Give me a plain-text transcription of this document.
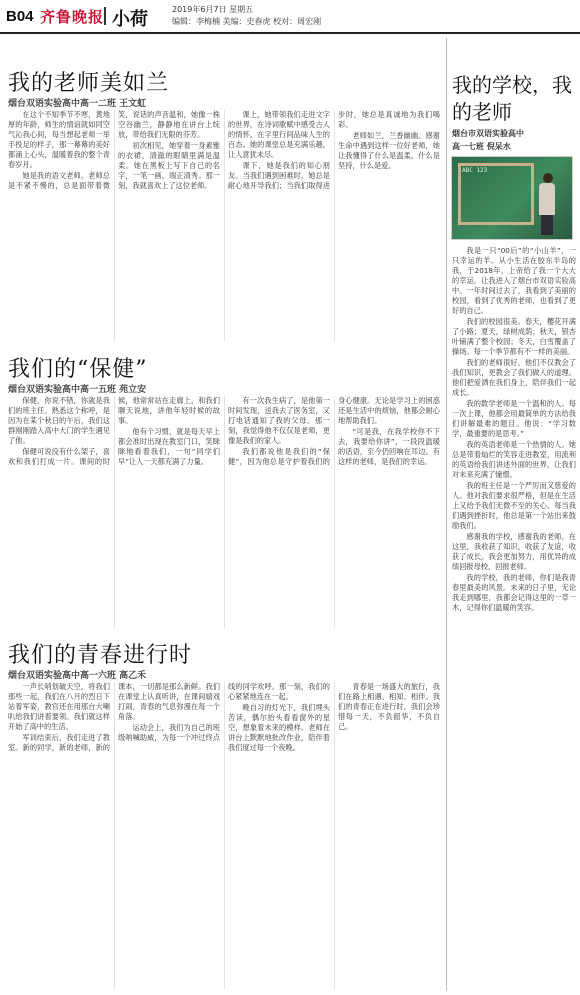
B04 齐鲁晚报 小荷	2019年6月7日 星期五
编辑：李梅楠 美编：史春虎 校对：周宏刚
我的老师美如兰
烟台双语实验高中高一二班 王文虹

在这个不知季节不寒，黄地厚的年龄，师生的情谊就如同空气沁我心间，每当想起老师一举手投足的样子，那一幕幕的美好都涌上心头，温暖着我的整个青春岁月。

她是我的语文老师。老师总是不紧不慢的，总是面带着微笑，说话的声音温和，她像一株空谷幽兰，静静地在讲台上绽放，带给我们无限的芬芳。

初次相见，她穿着一身素雅的衣裙，清澈的眼睛里满是温柔。她在黑板上写下自己的名字，一笔一画，端正清秀。那一刻，我就喜欢上了这位老师。

课上，她带领我们走进文字的世界，在诗词歌赋中感受古人的情怀，在字里行间品味人生的百态。她的课堂总是充满乐趣，让人意犹未尽。

课下，她是我们的知心朋友。当我们遇到困难时，她总是耐心地开导我们；当我们取得进步时，她总是真诚地为我们喝彩。

老师如兰，兰香幽幽。感谢生命中遇到这样一位好老师，她让我懂得了什么是温柔，什么是坚持，什么是爱。

我们的“保健”
烟台双语实验高中高一五班 苑立安

保健，你说不错，你就是我们的班主任。熟悉这个称呼，是因为在某个秋日的午后，我们这群刚刚踏入高中大门的学生遇见了他。

保健可说没有什么架子，喜欢和我们打成一片。课间的时候，他常常站在走廊上，和我们聊天说地，讲他年轻时候的故事。

他有个习惯，就是每天早上都会准时出现在教室门口，笑眯眯地看着我们，一句“同学们早”让人一天都充满了力量。

有一次我生病了，是他第一时间发现，送我去了医务室，又打电话通知了我的父母。那一刻，我觉得他不仅仅是老师，更像是我们的家人。

我们都说他是我们的“保健”，因为他总是守护着我们的身心健康。无论是学习上的困惑还是生活中的烦恼，他都会耐心地帮助我们。

“可是我，在我学校你不下去，我要给你讲”，一段段温暖的话语，至今仍回响在耳边。有这样的老师，是我们的幸运。

我们的青春进行时
烟台双语实验高中高一六班 高乙禾

一声长哨划破天空，将我们那些一起，我们在八月的烈日下站着军姿，教官还在用那台大喇叭给我们讲着要领。我们就这样开始了高中的生活。

军训结束后，我们走进了教室。新的同学，新的老师，新的课本，一切都是那么新鲜。我们在课堂上认真听讲，在课间嬉戏打闹，青春的气息弥漫在每一个角落。

运动会上，我们为自己的班级呐喊助威，为每一个冲过终点线的同学欢呼。那一刻，我们的心紧紧地连在一起。

晚自习的灯光下，我们埋头苦读，偶尔抬头看看窗外的星空，想象着未来的模样。老师在讲台上默默地批改作业，陪伴着我们度过每一个夜晚。

青春是一场盛大的旅行，我们在路上相遇、相知、相伴。我们的青春正在进行时，我们会珍惜每一天，不负韶华，不负自己。

我的学校，我的老师
烟台市双语实验高中
高一七班 倪呆水
ABC 123

我是一只“00后”的“小山羊”，一只幸运的羊。从小生活在胶东半岛的我，于2018年，上帝给了我一个大大的幸运，让我进入了烟台市双语实验高中。一年时间过去了，我看到了美丽的校园，看到了优秀的老师，也看到了更好的自己。

我们的校园很美。春天，樱花开满了小路；夏天，绿树成荫；秋天，银杏叶铺满了整个校园；冬天，白雪覆盖了操场。每一个季节都有不一样的美丽。

我们的老师很好。他们不仅教会了我们知识，更教会了我们做人的道理。他们把爱洒在我们身上，陪伴我们一起成长。

我的数学老师是一个温和的人。每一次上课，他都会用最简单的方法给我们讲解最难的题目。他说：“学习数学，最重要的是思考。”

我的英语老师是一个热情的人。她总是带着灿烂的笑容走进教室，用流利的英语给我们讲述外面的世界，让我们对未来充满了憧憬。

我的班主任是一个严厉而又慈爱的人。他对我们要求很严格，但是在生活上又给予我们无微不至的关心。每当我们遇到挫折时，他总是第一个站出来鼓励我们。

感谢我的学校，感谢我的老师。在这里，我收获了知识，收获了友谊，收获了成长。我会更加努力，用优异的成绩回报母校，回报老师。

我的学校，我的老师，你们是我青春里最美的风景。未来的日子里，无论我走到哪里，我都会记得这里的一草一木，记得你们温暖的笑容。
